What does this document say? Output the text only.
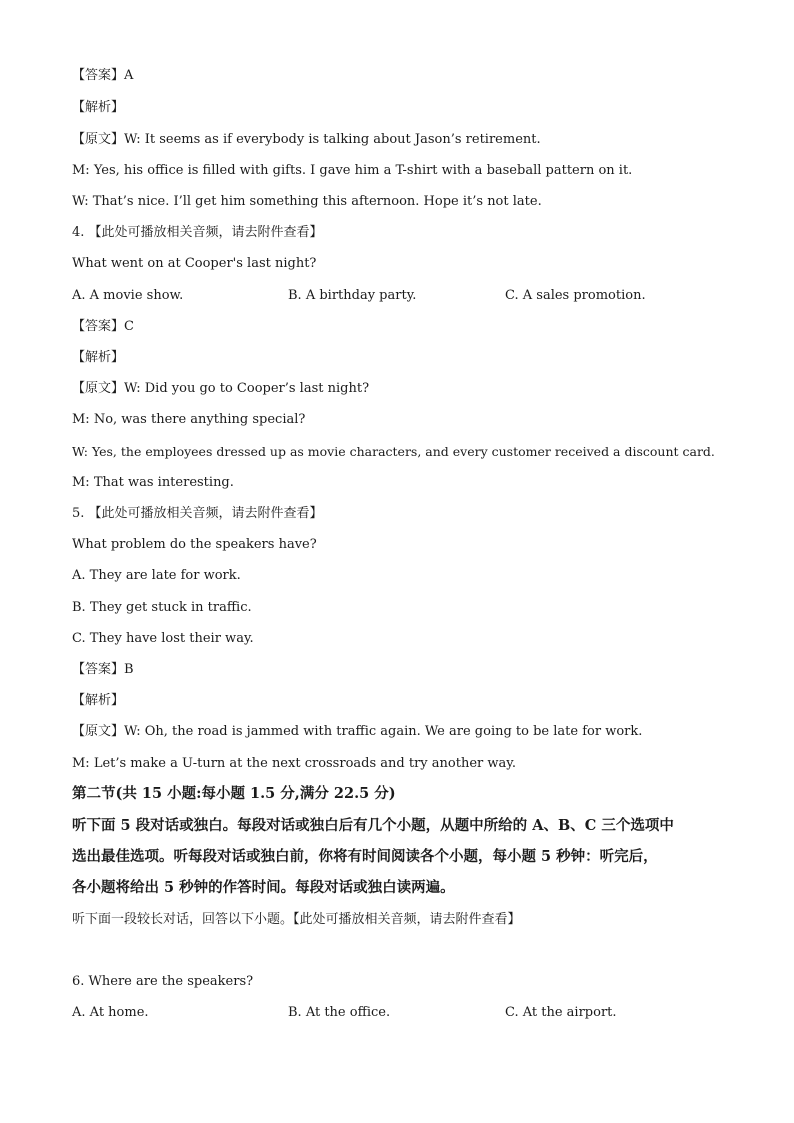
【答案】A
【解析】
【原文】W: It seems as if everybody is talking about Jason’s retirement.
M: Yes, his office is filled with gifts. I gave him a T-shirt with a baseball pattern on it.
W: That’s nice. I’ll get him something this afternoon. Hope it’s not late.
4. 【此处可播放相关音频，请去附件查看】
What went on at Cooper's last night?
A. A movie show.	B. A birthday party.	C. A sales promotion.
【答案】C
【解析】
【原文】W: Did you go to Cooper’s last night?
M: No, was there anything special?
W: Yes, the employees dressed up as movie characters, and every customer received a discount card.
M: That was interesting.
5. 【此处可播放相关音频，请去附件查看】
What problem do the speakers have?
A. They are late for work.
B. They get stuck in traffic.
C. They have lost their way.
【答案】B
【解析】
【原文】W: Oh, the road is jammed with traffic again. We are going to be late for work.
M: Let’s make a U-turn at the next crossroads and try another way.
第二节(共 15 小题:每小题 1.5 分,满分 22.5 分)
听下面 5 段对话或独白。每段对话或独白后有几个小题，从题中所给的 A、B、C 三个选项中
选出最佳选项。听每段对话或独白前，你将有时间阅读各个小题，每小题 5 秒钟：听完后，
各小题将给出 5 秒钟的作答时间。每段对话或独白读两遍。
听下面一段较长对话，回答以下小题。【此处可播放相关音频，请去附件查看】
6. Where are the speakers?
A. At home.	B. At the office.	C. At the airport.
